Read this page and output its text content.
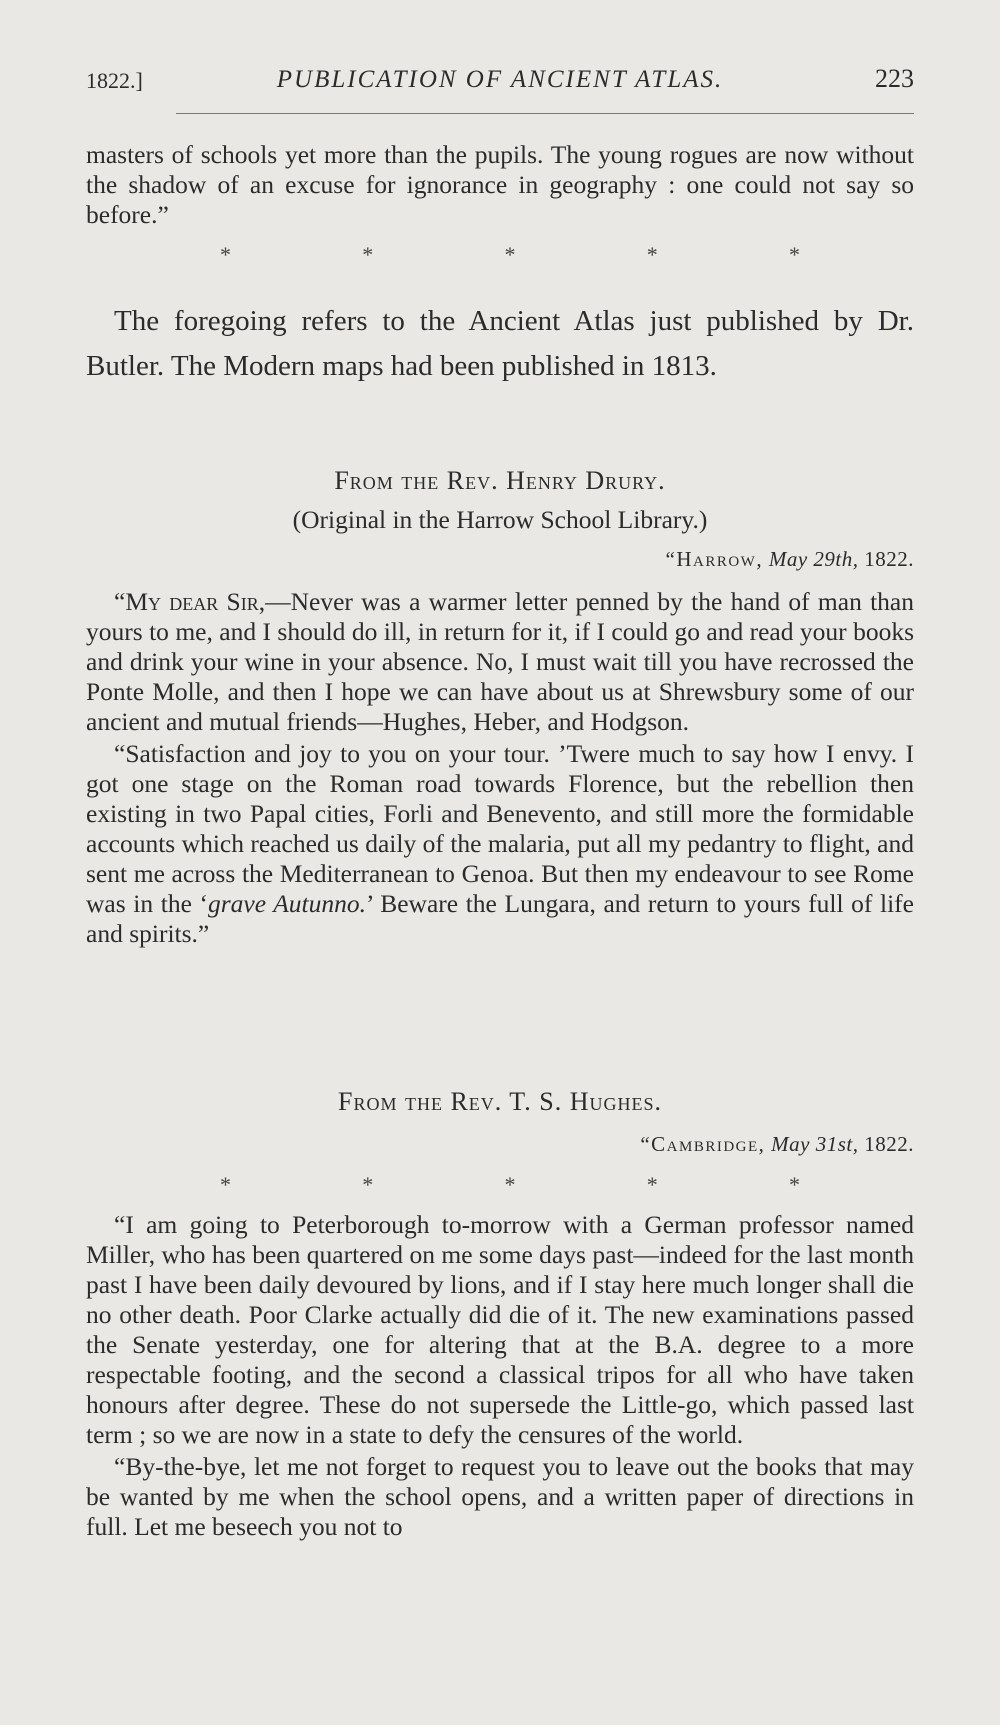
1822.]	PUBLICATION OF ANCIENT ATLAS.	223

masters of schools yet more than the pupils. The young rogues are now without the shadow of an excuse for ignorance in geography : one could not say so before.”

*	*	*	*	*

The foregoing refers to the Ancient Atlas just published by Dr. Butler. The Modern maps had been published in 1813.

From the Rev. Henry Drury.
(Original in the Harrow School Library.)
“Harrow, May 29th, 1822.

“My dear Sir,—Never was a warmer letter penned by the hand of man than yours to me, and I should do ill, in return for it, if I could go and read your books and drink your wine in your absence. No, I must wait till you have recrossed the Ponte Molle, and then I hope we can have about us at Shrewsbury some of our ancient and mutual friends—Hughes, Heber, and Hodgson.

“Satisfaction and joy to you on your tour. ’Twere much to say how I envy. I got one stage on the Roman road towards Florence, but the rebellion then existing in two Papal cities, Forli and Benevento, and still more the formidable accounts which reached us daily of the malaria, put all my pedantry to flight, and sent me across the Mediterranean to Genoa. But then my endeavour to see Rome was in the ‘grave Autunno.’ Beware the Lungara, and return to yours full of life and spirits.”

From the Rev. T. S. Hughes.
“Cambridge, May 31st, 1822.
*	*	*	*	*

“I am going to Peterborough to-morrow with a German professor named Miller, who has been quartered on me some days past—indeed for the last month past I have been daily devoured by lions, and if I stay here much longer shall die no other death. Poor Clarke actually did die of it. The new examinations passed the Senate yesterday, one for altering that at the B.A. degree to a more respectable footing, and the second a classical tripos for all who have taken honours after degree. These do not supersede the Little-go, which passed last term ; so we are now in a state to defy the censures of the world.

“By-the-bye, let me not forget to request you to leave out the books that may be wanted by me when the school opens, and a written paper of directions in full. Let me beseech you not to
